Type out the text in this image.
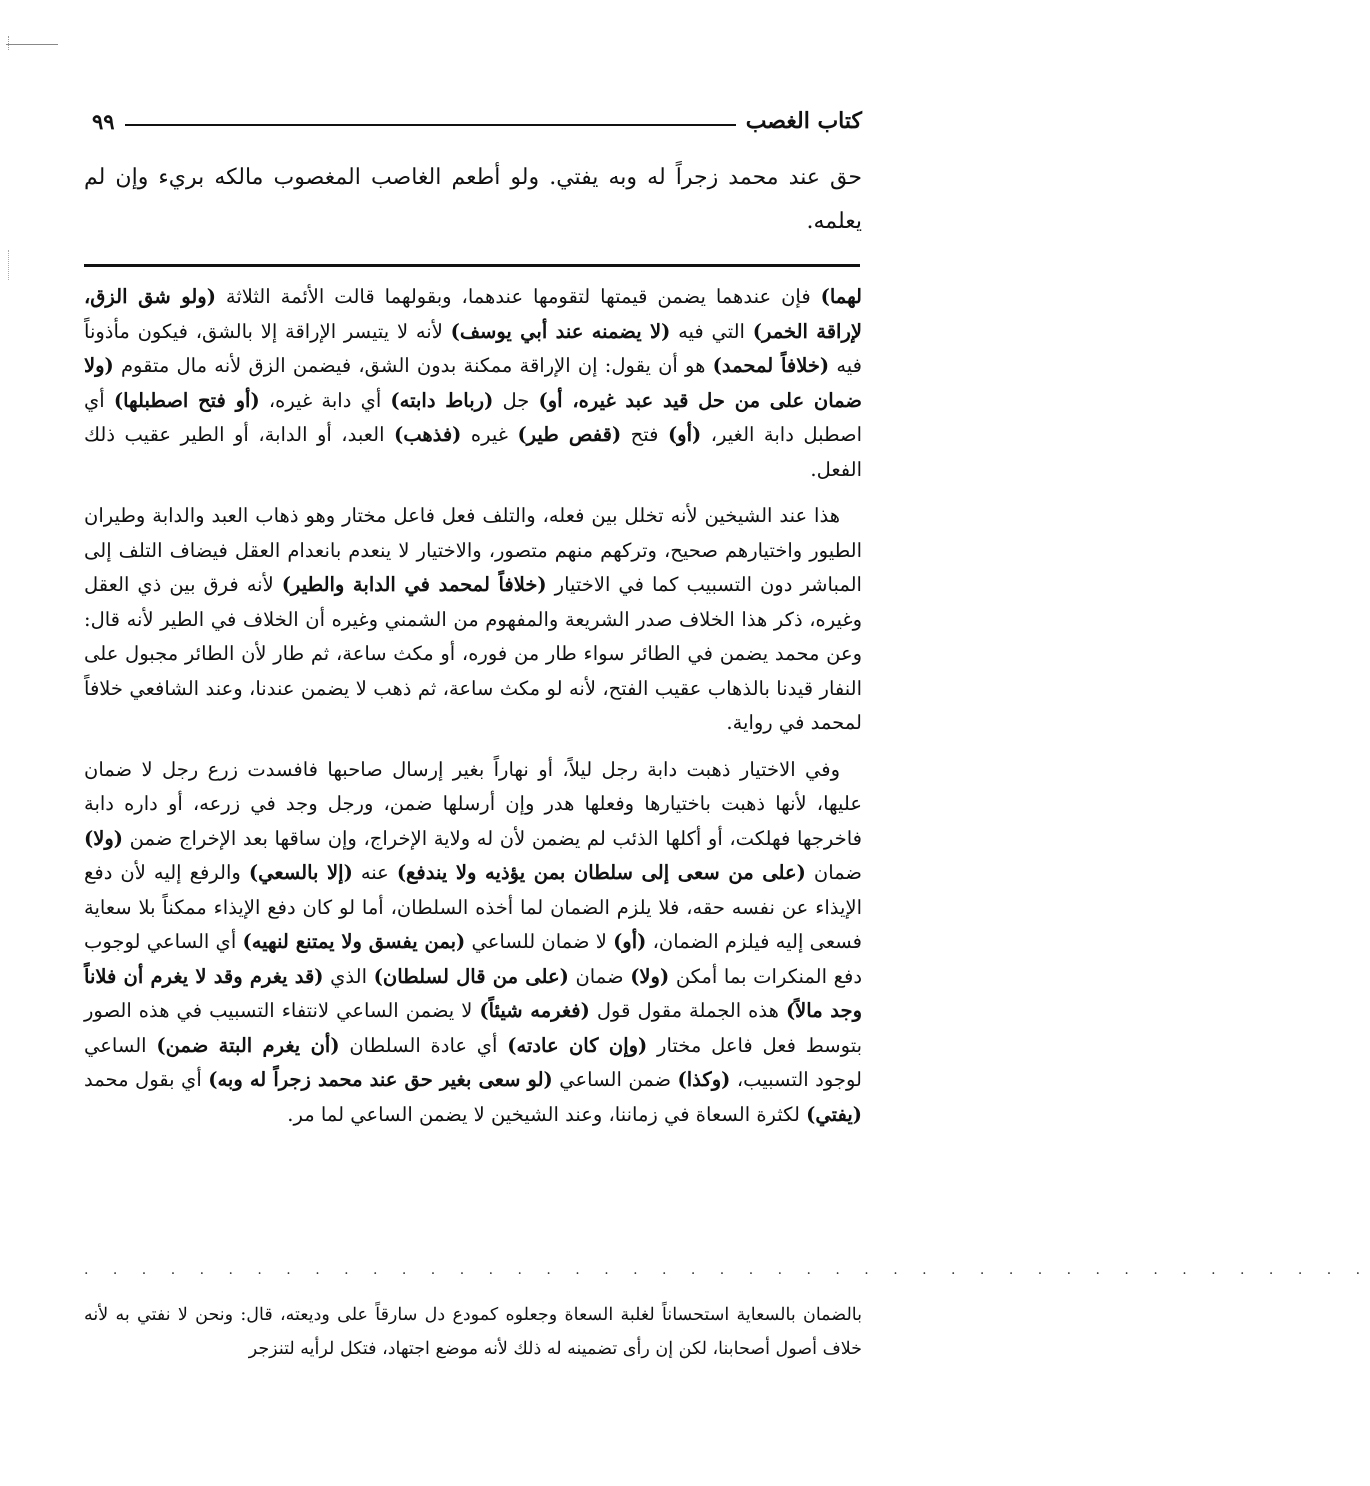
كتاب الغصب
٩٩
حق عند محمد زجراً له وبه يفتي. ولو أطعم الغاصب المغصوب مالكه بريء وإن لم يعلمه.

لهما) فإن عندهما يضمن قيمتها لتقومها عندهما، وبقولهما قالت الأئمة الثلاثة (ولو شق الزق، لإراقة الخمر) التي فيه (لا يضمنه عند أبي يوسف) لأنه لا يتيسر الإراقة إلا بالشق، فيكون مأذوناً فيه (خلافاً لمحمد) هو أن يقول: إن الإراقة ممكنة بدون الشق، فيضمن الزق لأنه مال متقوم (ولا ضمان على من حل قيد عبد غيره، أو) جل (رباط دابته) أي دابة غيره، (أو فتح اصطبلها) أي اصطبل دابة الغير، (أو) فتح (قفص طير) غيره (فذهب) العبد، أو الدابة، أو الطير عقيب ذلك الفعل.

هذا عند الشيخين لأنه تخلل بين فعله، والتلف فعل فاعل مختار وهو ذهاب العبد والدابة وطيران الطيور واختيارهم صحيح، وتركهم منهم متصور، والاختيار لا ينعدم بانعدام العقل فيضاف التلف إلى المباشر دون التسبيب كما في الاختيار (خلافاً لمحمد في الدابة والطير) لأنه فرق بين ذي العقل وغيره، ذكر هذا الخلاف صدر الشريعة والمفهوم من الشمني وغيره أن الخلاف في الطير لأنه قال: وعن محمد يضمن في الطائر سواء طار من فوره، أو مكث ساعة، ثم طار لأن الطائر مجبول على النفار قيدنا بالذهاب عقيب الفتح، لأنه لو مكث ساعة، ثم ذهب لا يضمن عندنا، وعند الشافعي خلافاً لمحمد في رواية.

وفي الاختيار ذهبت دابة رجل ليلاً، أو نهاراً بغير إرسال صاحبها فافسدت زرع رجل لا ضمان عليها، لأنها ذهبت باختيارها وفعلها هدر وإن أرسلها ضمن، ورجل وجد في زرعه، أو داره دابة فاخرجها فهلكت، أو أكلها الذئب لم يضمن لأن له ولاية الإخراج، وإن ساقها بعد الإخراج ضمن (ولا) ضمان (على من سعى إلى سلطان بمن يؤذيه ولا يندفع) عنه (إلا بالسعي) والرفع إليه لأن دفع الإيذاء عن نفسه حقه، فلا يلزم الضمان لما أخذه السلطان، أما لو كان دفع الإيذاء ممكناً بلا سعاية فسعى إليه فيلزم الضمان، (أو) لا ضمان للساعي (بمن يفسق ولا يمتنع لنهيه) أي الساعي لوجوب دفع المنكرات بما أمكن (ولا) ضمان (على من قال لسلطان) الذي (قد يغرم وقد لا يغرم أن فلاناً وجد مالاً) هذه الجملة مقول قول (فغرمه شيئاً) لا يضمن الساعي لانتفاء التسبيب في هذه الصور بتوسط فعل فاعل مختار (وإن كان عادته) أي عادة السلطان (أن يغرم البتة ضمن) الساعي لوجود التسبيب، (وكذا) ضمن الساعي (لو سعى بغير حق عند محمد زجراً له وبه) أي بقول محمد (يفتي) لكثرة السعاة في زماننا، وعند الشيخين لا يضمن الساعي لما مر.

. . . . . . . . . . . . . . . . . . . . . . . . . . . . . . . . . . . . . . . . . . . . .
بالضمان بالسعاية استحساناً لغلبة السعاة وجعلوه كمودع دل سارقاً على وديعته، قال: ونحن لا نفتي به لأنه خلاف أصول أصحابنا، لكن إن رأى تضمينه له ذلك لأنه موضع اجتهاد، فتكل لرأيه لتنزجر
